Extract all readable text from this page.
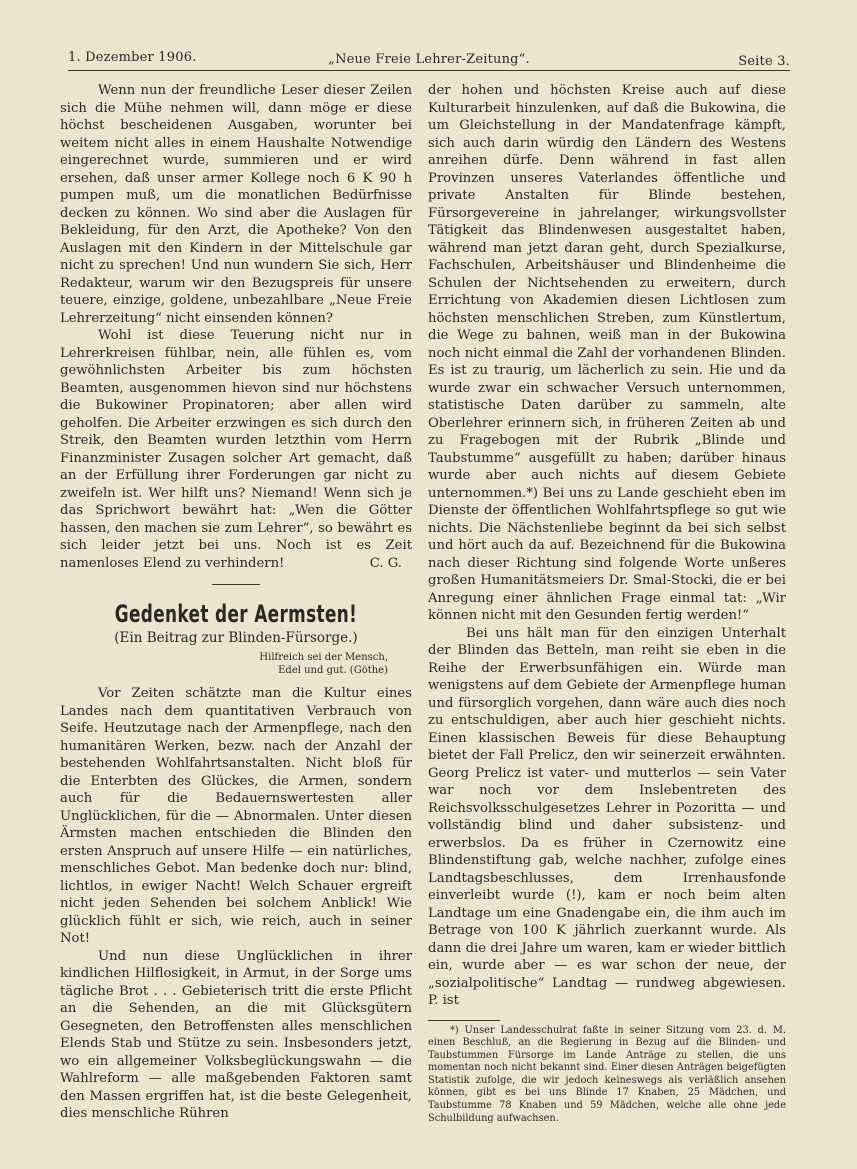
1. Dezember 1906.	„Neue Freie Lehrer-Zeitung“.	Seite 3.

Wenn nun der freundliche Leser dieser Zeilen sich die Mühe nehmen will, dann möge er diese höchst bescheidenen Ausgaben, worunter bei weitem nicht alles in einem Haushalte Notwendige eingerechnet wurde, summieren und er wird ersehen, daß unser armer Kollege noch 6 K 90 h pumpen muß, um die monatlichen Bedürfnisse decken zu können. Wo sind aber die Auslagen für Bekleidung, für den Arzt, die Apotheke? Von den Auslagen mit den Kindern in der Mittelschule gar nicht zu sprechen! Und nun wundern Sie sich, Herr Redakteur, warum wir den Bezugspreis für unsere teuere, einzige, goldene, unbezahlbare „Neue Freie Lehrerzeitung“ nicht einsenden können?

Wohl ist diese Teuerung nicht nur in Lehrerkreisen fühlbar, nein, alle fühlen es, vom gewöhnlichsten Arbeiter bis zum höchsten Beamten, ausgenommen hievon sind nur höchstens die Bukowiner Propinatoren; aber allen wird geholfen. Die Arbeiter erzwingen es sich durch den Streik, den Beamten wurden letzthin vom Herrn Finanzminister Zusagen solcher Art gemacht, daß an der Erfüllung ihrer Forderungen gar nicht zu zweifeln ist. Wer hilft uns? Niemand! Wenn sich je das Sprichwort bewährt hat: „Wen die Götter hassen, den machen sie zum Lehrer“, so bewährt es sich leider jetzt bei uns. Noch ist es Zeit namenloses Elend zu verhindern!	C. G.

Gedenket der Aermsten!
(Ein Beitrag zur Blinden-Fürsorge.)
Hilfreich sei der Mensch,
Edel und gut. (Göthe)

Vor Zeiten schätzte man die Kultur eines Landes nach dem quantitativen Verbrauch von Seife. Heutzutage nach der Armenpflege, nach den humanitären Werken, bezw. nach der Anzahl der bestehenden Wohlfahrtsanstalten. Nicht bloß für die Enterbten des Glückes, die Armen, sondern auch für die Bedauernswertesten aller Unglücklichen, für die — Abnormalen. Unter diesen Ärmsten machen entschieden die Blinden den ersten Anspruch auf unsere Hilfe — ein natürliches, menschliches Gebot. Man bedenke doch nur: blind, lichtlos, in ewiger Nacht! Welch Schauer ergreift nicht jeden Sehenden bei solchem Anblick! Wie glücklich fühlt er sich, wie reich, auch in seiner Not!

Und nun diese Unglücklichen in ihrer kindlichen Hilflosigkeit, in Armut, in der Sorge ums tägliche Brot . . . Gebieterisch tritt die erste Pflicht an die Sehenden, an die mit Glücksgütern Gesegneten, den Betroffensten alles menschlichen Elends Stab und Stütze zu sein. Insbesonders jetzt, wo ein allgemeiner Volksbeglückungswahn — die Wahlreform — alle maßgebenden Faktoren samt den Massen ergriffen hat, ist die beste Gelegenheit, dies menschliche Rühren

der hohen und höchsten Kreise auch auf diese Kulturarbeit hinzulenken, auf daß die Bukowina, die um Gleichstellung in der Mandatenfrage kämpft, sich auch darin würdig den Ländern des Westens anreihen dürfe. Denn während in fast allen Provinzen unseres Vaterlandes öffentliche und private Anstalten für Blinde bestehen, Fürsorgevereine in jahrelanger, wirkungsvollster Tätigkeit das Blindenwesen ausgestaltet haben, während man jetzt daran geht, durch Spezialkurse, Fachschulen, Arbeitshäuser und Blindenheime die Schulen der Nichtsehenden zu erweitern, durch Errichtung von Akademien diesen Lichtlosen zum höchsten menschlichen Streben, zum Künstlertum, die Wege zu bahnen, weiß man in der Bukowina noch nicht einmal die Zahl der vorhandenen Blinden. Es ist zu traurig, um lächerlich zu sein. Hie und da wurde zwar ein schwacher Versuch unternommen, statistische Daten darüber zu sammeln, alte Oberlehrer erinnern sich, in früheren Zeiten ab und zu Fragebogen mit der Rubrik „Blinde und Taubstumme“ ausgefüllt zu haben; darüber hinaus wurde aber auch nichts auf diesem Gebiete unternommen.*) Bei uns zu Lande geschieht eben im Dienste der öffentlichen Wohlfahrtspflege so gut wie nichts. Die Nächstenliebe beginnt da bei sich selbst und hört auch da auf. Bezeichnend für die Bukowina nach dieser Richtung sind folgende Worte unßeres großen Humanitätsmeiers Dr. Smal-Stocki, die er bei Anregung einer ähnlichen Frage einmal tat: „Wir können nicht mit den Gesunden fertig werden!“

Bei uns hält man für den einzigen Unterhalt der Blinden das Betteln, man reiht sie eben in die Reihe der Erwerbsunfähigen ein. Würde man wenigstens auf dem Gebiete der Armenpflege human und fürsorglich vorgehen, dann wäre auch dies noch zu entschuldigen, aber auch hier geschieht nichts. Einen klassischen Beweis für diese Behauptung bietet der Fall Prelicz, den wir seinerzeit erwähnten. Georg Prelicz ist vater- und mutterlos — sein Vater war noch vor dem Inslebentreten des Reichsvolksschulgesetzes Lehrer in Pozoritta — und vollständig blind und daher subsistenz- und erwerbslos. Da es früher in Czernowitz eine Blindenstiftung gab, welche nachher, zufolge eines Landtagsbeschlusses, dem Irrenhausfonde einverleibt wurde (!), kam er noch beim alten Landtage um eine Gnadengabe ein, die ihm auch im Betrage von 100 K jährlich zuerkannt wurde. Als dann die drei Jahre um waren, kam er wieder bittlich ein, wurde aber — es war schon der neue, der „sozialpolitische“ Landtag — rundweg abgewiesen. P. ist

*) Unser Landesschulrat faßte in seiner Sitzung vom 23. d. M. einen Beschluß, an die Regierung in Bezug auf die Blinden- und Taubstummen Fürsorge im Lande Anträge zu stellen, die uns momentan noch nicht bekannt sind. Einer diesen Anträgen beigefügten Statistik zufolge, die wir jedoch keineswegs als verläßlich ansehen können, gibt es bei uns Blinde 17 Knaben, 25 Mädchen, und Taubstumme 78 Knaben und 59 Mädchen, welche alle ohne jede Schulbildung aufwachsen.
